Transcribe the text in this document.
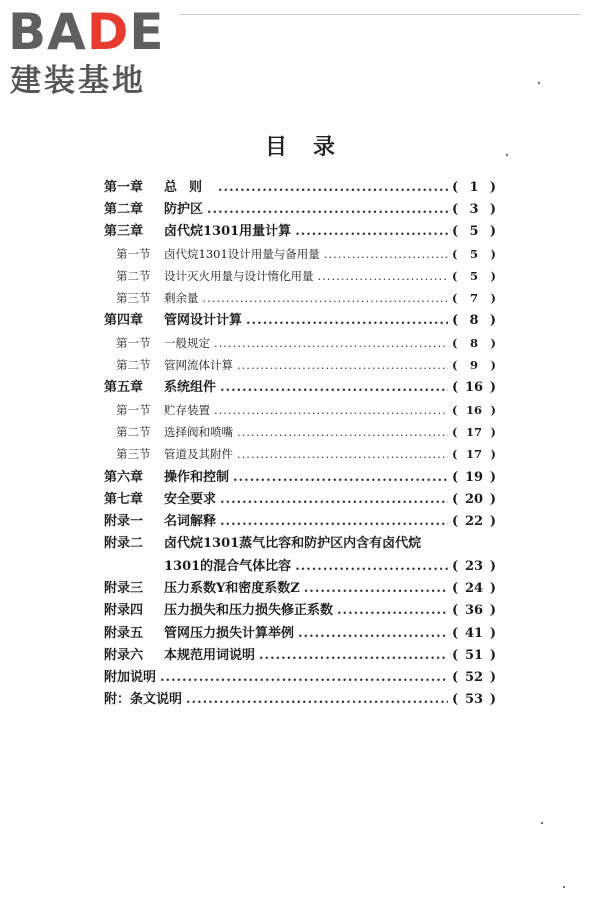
BADE
建装基地
目录
第一章	总则 .....	( 1 )
第二章	防护区 .....	( 3 )
第三章	卤代烷1301用量计算 .....	( 5 )
第一节	卤代烷1301设计用量与备用量 .....	( 5 )
第二节	设计灭火用量与设计惰化用量 .....	( 5 )
第三节	剩余量 .....	( 7 )
第四章	管网设计计算 .....	( 8 )
第一节	一般规定 .....	( 8 )
第二节	管网流体计算 .....	( 9 )
第五章	系统组件 .....	( 16 )
第一节	贮存装置 .....	( 16 )
第二节	选择阀和喷嘴 .....	( 17 )
第三节	管道及其附件 .....	( 17 )
第六章	操作和控制 .....	( 19 )
第七章	安全要求 .....	( 20 )
附录一	名词解释 .....	( 22 )
附录二	卤代烷1301蒸气比容和防护区内含有卤代烷
1301的混合气体比容 .....	( 23 )
附录三	压力系数Y和密度系数Z .....	( 24 )
附录四	压力损失和压力损失修正系数 .....	( 36 )
附录五	管网压力损失计算举例 .....	( 41 )
附录六	本规范用词说明 .....	( 51 )
附加说明 .....	( 52 )
附：条文说明 .....	( 53 )
